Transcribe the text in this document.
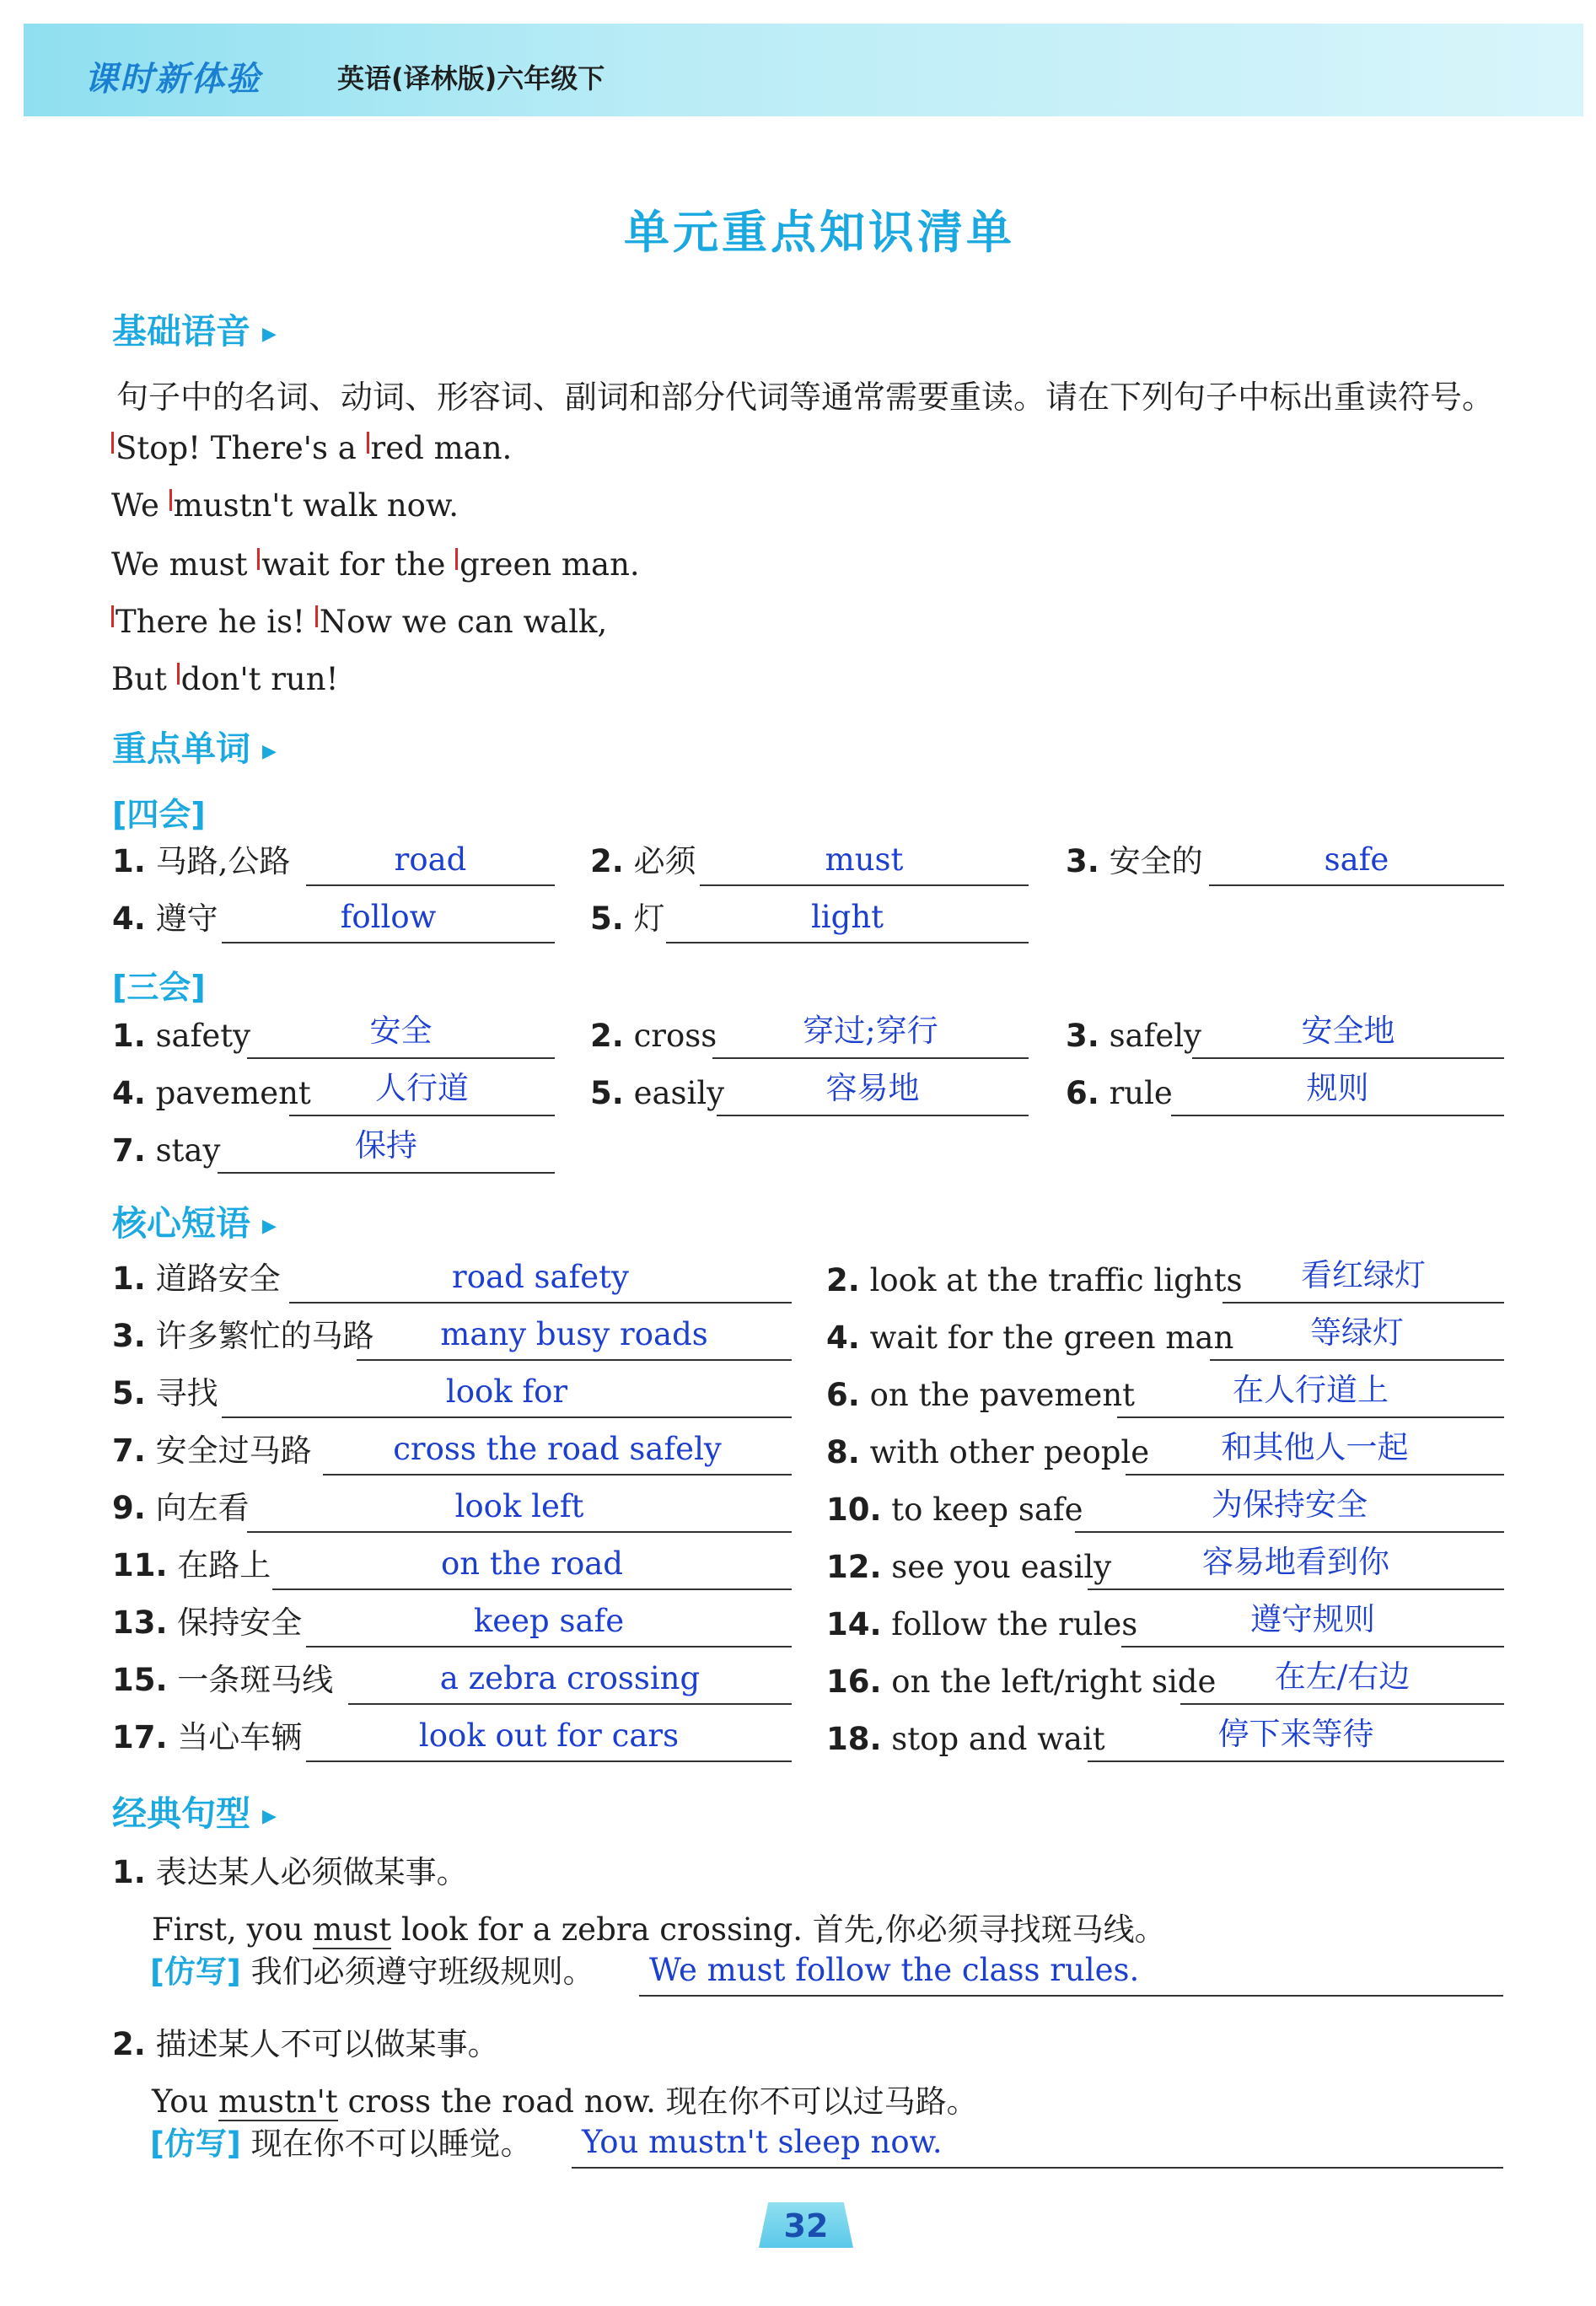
课时新体验	英语(译林版)六年级下
单元重点知识清单
基础语音 ▶
句子中的名词、动词、形容词、副词和部分代词等通常需要重读。请在下列句子中标出重读符号。
Stop! There's a red man.
We mustn't walk now.
We must wait for the green man.
There he is! Now we can walk,
But don't run!
重点单词 ▶
[四会]
1. 马路,公路	road	2. 必须	must	3. 安全的	safe
4. 遵守	follow	5. 灯	light
[三会]
1. safety	安全	2. cross	穿过;穿行	3. safely	安全地
4. pavement	人行道	5. easily	容易地	6. rule	规则
7. stay	保持
核心短语 ▶
1. 道路安全	road safety	2. look at the traffic lights	看红绿灯
3. 许多繁忙的马路	many busy roads	4. wait for the green man	等绿灯
5. 寻找	look for	6. on the pavement	在人行道上
7. 安全过马路	cross the road safely	8. with other people	和其他人一起
9. 向左看	look left	10. to keep safe	为保持安全
11. 在路上	on the road	12. see you easily	容易地看到你
13. 保持安全	keep safe	14. follow the rules	遵守规则
15. 一条斑马线	a zebra crossing	16. on the left/right side	在左/右边
17. 当心车辆	look out for cars	18. stop and wait	停下来等待
经典句型 ▶
1. 表达某人必须做某事。
First, you must look for a zebra crossing. 首先,你必须寻找斑马线。
[仿写] 我们必须遵守班级规则。 We must follow the class rules.
2. 描述某人不可以做某事。
You mustn't cross the road now. 现在你不可以过马路。
[仿写] 现在你不可以睡觉。 You mustn't sleep now.
32
